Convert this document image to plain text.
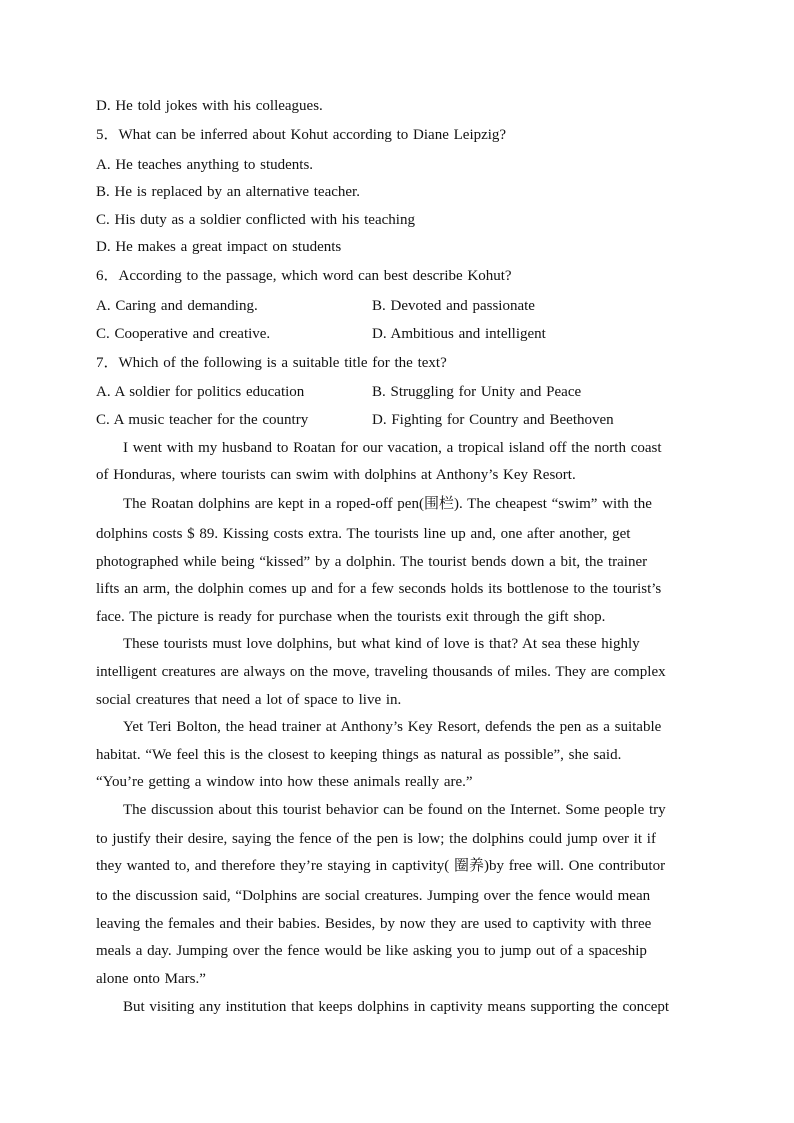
D. He told jokes with his colleagues.
5．What can be inferred about Kohut according to Diane Leipzig?
A. He teaches anything to students.
B. He is replaced by an alternative teacher.
C. His duty as a soldier conflicted with his teaching
D. He makes a great impact on students
6．According to the passage, which word can best describe Kohut?
A. Caring and demanding.	B. Devoted and passionate
C. Cooperative and creative.	D. Ambitious and intelligent
7．Which of the following is a suitable title for the text?
A. A soldier for politics education	B. Struggling for Unity and Peace
C. A music teacher for the country	D. Fighting for Country and Beethoven
I went with my husband to Roatan for our vacation, a tropical island off the north coast
of Honduras, where tourists can swim with dolphins at Anthony’s Key Resort.
The Roatan dolphins are kept in a roped-off pen(围栏). The cheapest “swim” with the
dolphins costs $ 89. Kissing costs extra. The tourists line up and, one after another, get
photographed while being “kissed” by a dolphin. The tourist bends down a bit, the trainer
lifts an arm, the dolphin comes up and for a few seconds holds its bottlenose to the tourist’s
face. The picture is ready for purchase when the tourists exit through the gift shop.
These tourists must love dolphins, but what kind of love is that? At sea these highly
intelligent creatures are always on the move, traveling thousands of miles. They are complex
social creatures that need a lot of space to live in.
Yet Teri Bolton, the head trainer at Anthony’s Key Resort, defends the pen as a suitable
habitat. “We feel this is the closest to keeping things as natural as possible”, she said.
“You’re getting a window into how these animals really are.”
The discussion about this tourist behavior can be found on the Internet. Some people try
to justify their desire, saying the fence of the pen is low; the dolphins could jump over it if
they wanted to, and therefore they’re staying in captivity( 圈养)by free will. One contributor
to the discussion said, “Dolphins are social creatures. Jumping over the fence would mean
leaving the females and their babies. Besides, by now they are used to captivity with three
meals a day. Jumping over the fence would be like asking you to jump out of a spaceship
alone onto Mars.”
But visiting any institution that keeps dolphins in captivity means supporting the concept
